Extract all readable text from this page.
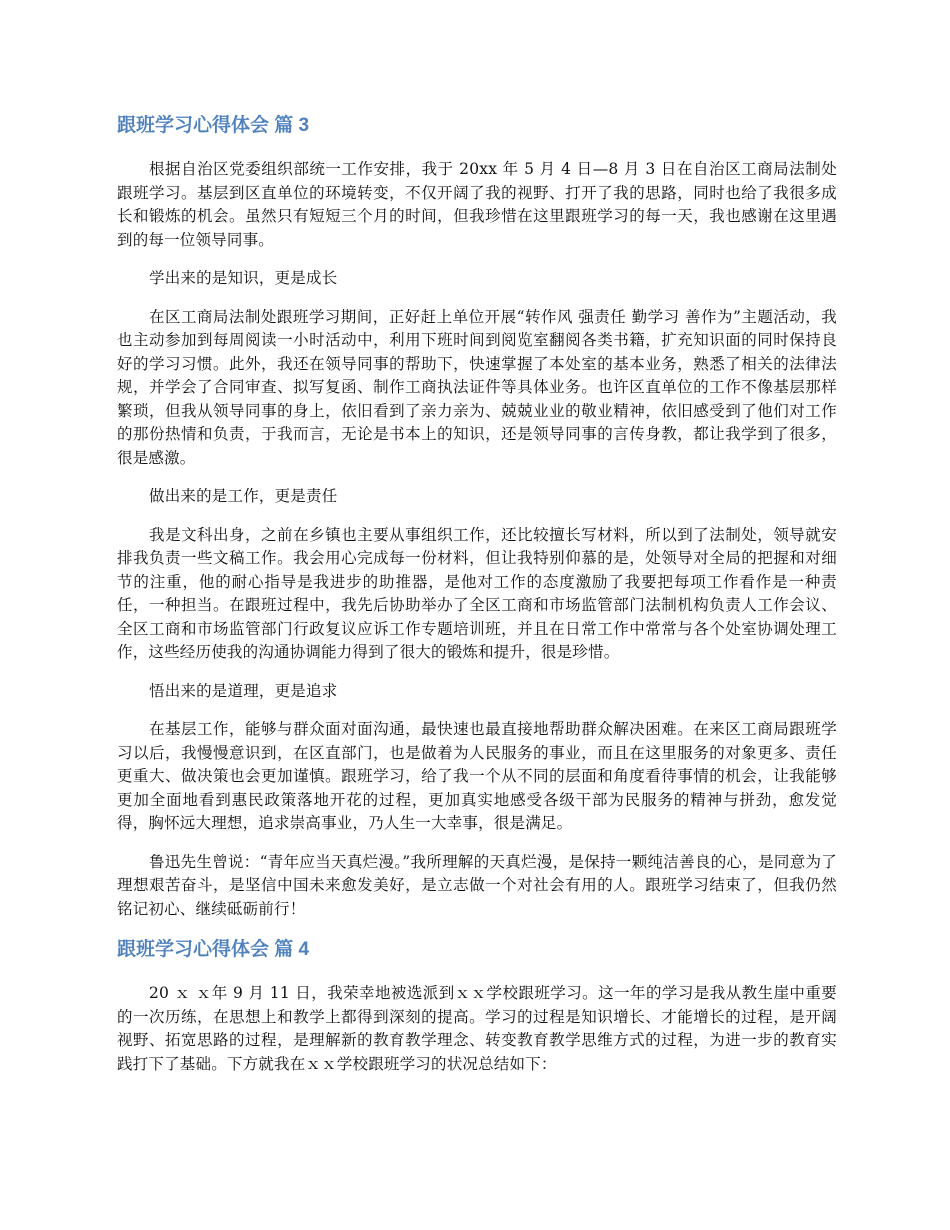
跟班学习心得体会 篇 3

根据自治区党委组织部统一工作安排，我于 20xx 年 5 月 4 日—8 月 3 日在自治区工商局法制处跟班学习。基层到区直单位的环境转变，不仅开阔了我的视野、打开了我的思路，同时也给了我很多成长和锻炼的机会。虽然只有短短三个月的时间，但我珍惜在这里跟班学习的每一天，我也感谢在这里遇到的每一位领导同事。

学出来的是知识，更是成长

在区工商局法制处跟班学习期间，正好赶上单位开展“转作风 强责任 勤学习 善作为”主题活动，我也主动参加到每周阅读一小时活动中，利用下班时间到阅览室翻阅各类书籍，扩充知识面的同时保持良好的学习习惯。此外，我还在领导同事的帮助下，快速掌握了本处室的基本业务，熟悉了相关的法律法规，并学会了合同审查、拟写复函、制作工商执法证件等具体业务。也许区直单位的工作不像基层那样繁琐，但我从领导同事的身上，依旧看到了亲力亲为、兢兢业业的敬业精神，依旧感受到了他们对工作的那份热情和负责，于我而言，无论是书本上的知识，还是领导同事的言传身教，都让我学到了很多，很是感激。

做出来的是工作，更是责任

我是文科出身，之前在乡镇也主要从事组织工作，还比较擅长写材料，所以到了法制处，领导就安排我负责一些文稿工作。我会用心完成每一份材料，但让我特别仰慕的是，处领导对全局的把握和对细节的注重，他的耐心指导是我进步的助推器，是他对工作的态度激励了我要把每项工作看作是一种责任，一种担当。在跟班过程中，我先后协助举办了全区工商和市场监管部门法制机构负责人工作会议、全区工商和市场监管部门行政复议应诉工作专题培训班，并且在日常工作中常常与各个处室协调处理工作，这些经历使我的沟通协调能力得到了很大的锻炼和提升，很是珍惜。

悟出来的是道理，更是追求

在基层工作，能够与群众面对面沟通，最快速也最直接地帮助群众解决困难。在来区工商局跟班学习以后，我慢慢意识到，在区直部门，也是做着为人民服务的事业，而且在这里服务的对象更多、责任更重大、做决策也会更加谨慎。跟班学习，给了我一个从不同的层面和角度看待事情的机会，让我能够更加全面地看到惠民政策落地开花的过程，更加真实地感受各级干部为民服务的精神与拼劲，愈发觉得，胸怀远大理想，追求崇高事业，乃人生一大幸事，很是满足。

鲁迅先生曾说：“青年应当天真烂漫。”我所理解的天真烂漫，是保持一颗纯洁善良的心，是同意为了理想艰苦奋斗，是坚信中国未来愈发美好，是立志做一个对社会有用的人。跟班学习结束了，但我仍然铭记初心、继续砥砺前行！

跟班学习心得体会 篇 4

20 ｘ ｘ年 9 月 11 日，我荣幸地被选派到ｘｘ学校跟班学习。这一年的学习是我从教生崖中重要的一次历练，在思想上和教学上都得到深刻的提高。学习的过程是知识增长、才能增长的过程，是开阔视野、拓宽思路的过程，是理解新的教育教学理念、转变教育教学思维方式的过程，为进一步的教育实践打下了基础。下方就我在ｘｘ学校跟班学习的状况总结如下：
